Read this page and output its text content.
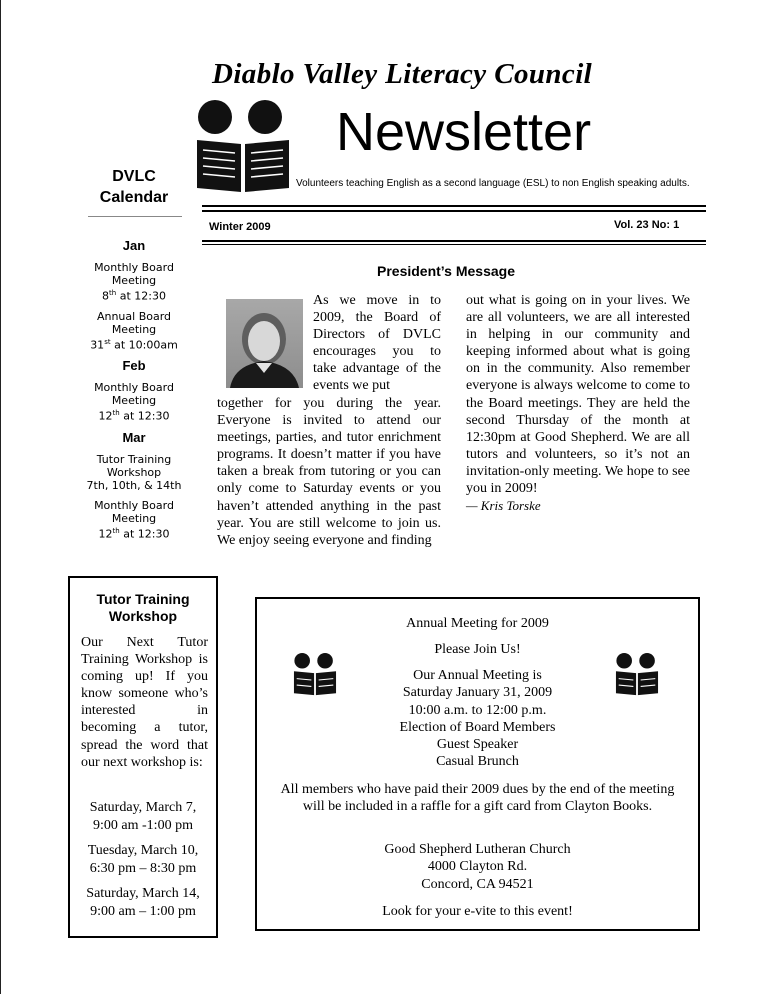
Diablo Valley Literacy Council
Newsletter
Volunteers teaching English as a second language (ESL) to non English speaking adults.
Winter 2009	Vol. 23 No: 1
DVLC
Calendar
Jan
Monthly Board Meeting
8th at 12:30
Annual Board Meeting
31st at 10:00am
Feb
Monthly Board Meeting
12th at 12:30
Mar
Tutor Training Workshop
7th, 10th, & 14th
Monthly Board Meeting
12th at 12:30
President’s Message
As we move in to 2009, the Board of Directors of DVLC encourages you to take advantage of the events we put
together for you during the year. Everyone is invited to attend our meetings, parties, and tutor enrichment programs. It doesn’t matter if you have taken a break from tutoring or you can only come to Saturday events or you haven’t attended anything in the past year. You are still welcome to join us. We enjoy seeing everyone and finding
out what is going on in your lives. We are all volunteers, we are all interested in helping in our community and keeping informed about what is going on in the community. Also remember everyone is always welcome to come to the Board meetings. They are held the second Thursday of the month at 12:30pm at Good Shepherd. We are all tutors and volunteers, so it’s not an invitation-only meeting. We hope to see you in 2009!
— Kris Torske
Tutor Training
Workshop
Our Next Tutor Training Workshop is coming up! If you know someone who’s interested in becoming a tutor, spread the word that our next workshop is:
Saturday, March 7,
9:00 am -1:00 pm
Tuesday, March 10,
6:30 pm – 8:30 pm
Saturday, March 14,
9:00 am – 1:00 pm
Annual Meeting for 2009
Please Join Us!
Our Annual Meeting is
Saturday January 31, 2009
10:00 a.m. to 12:00 p.m.
Election of Board Members
Guest Speaker
Casual Brunch
All members who have paid their 2009 dues by the end of the meeting will be included in a raffle for a gift card from Clayton Books.
Good Shepherd Lutheran Church
4000 Clayton Rd.
Concord, CA 94521
Look for your e-vite to this event!
